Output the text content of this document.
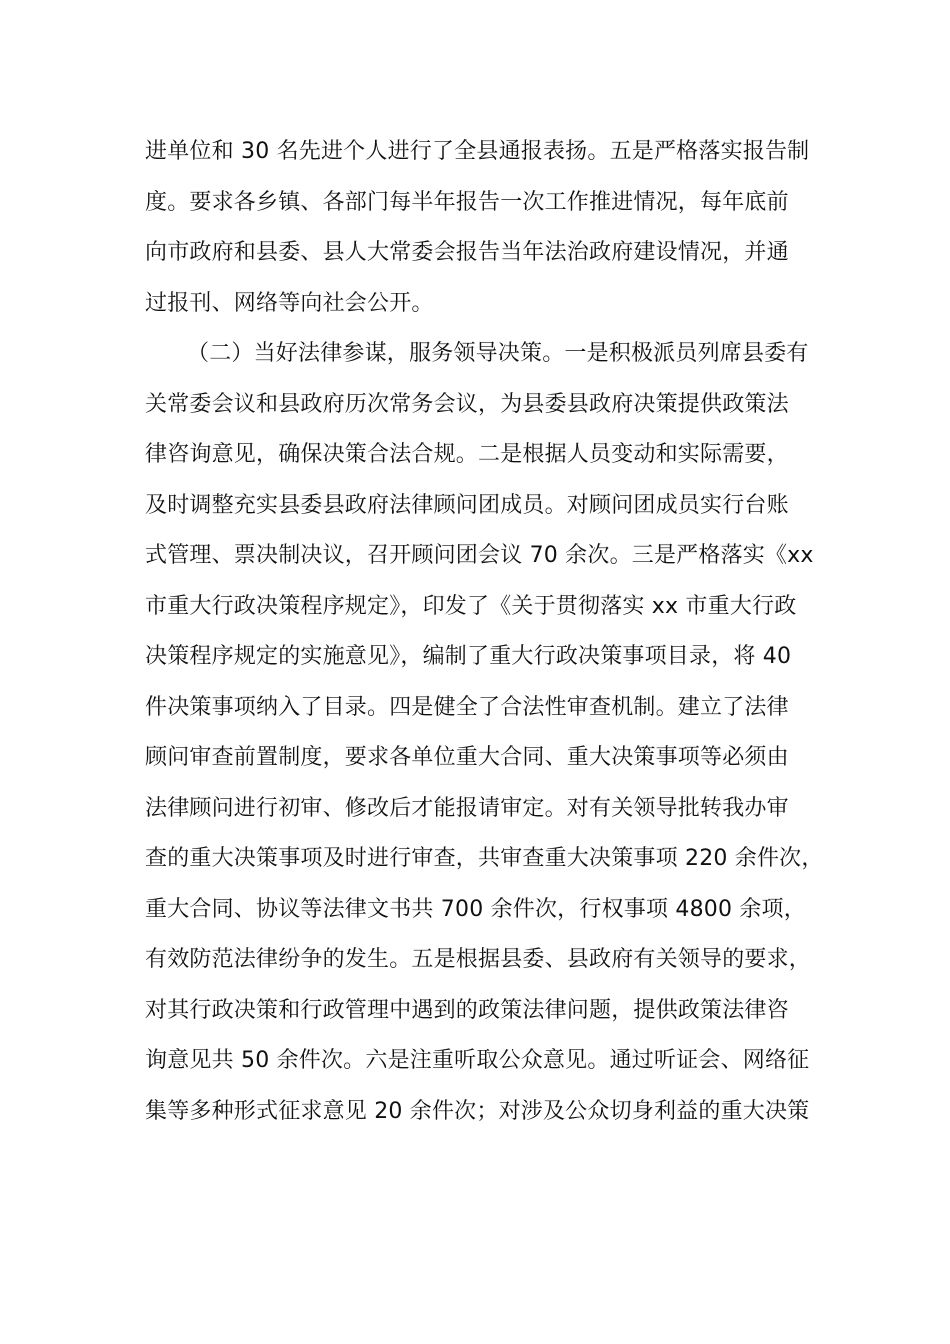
进单位和 30 名先进个人进行了全县通报表扬。五是严格落实报告制
度。要求各乡镇、各部门每半年报告一次工作推进情况，每年底前
向市政府和县委、县人大常委会报告当年法治政府建设情况，并通
过报刊、网络等向社会公开。
（二）当好法律参谋，服务领导决策。一是积极派员列席县委有
关常委会议和县政府历次常务会议，为县委县政府决策提供政策法
律咨询意见，确保决策合法合规。二是根据人员变动和实际需要，
及时调整充实县委县政府法律顾问团成员。对顾问团成员实行台账
式管理、票决制决议，召开顾问团会议 70 余次。三是严格落实《xx
市重大行政决策程序规定》，印发了《关于贯彻落实 xx 市重大行政
决策程序规定的实施意见》，编制了重大行政决策事项目录，将 40
件决策事项纳入了目录。四是健全了合法性审查机制。建立了法律
顾问审查前置制度，要求各单位重大合同、重大决策事项等必须由
法律顾问进行初审、修改后才能报请审定。对有关领导批转我办审
查的重大决策事项及时进行审查，共审查重大决策事项 220 余件次，
重大合同、协议等法律文书共 700 余件次，行权事项 4800 余项，
有效防范法律纷争的发生。五是根据县委、县政府有关领导的要求，
对其行政决策和行政管理中遇到的政策法律问题，提供政策法律咨
询意见共 50 余件次。六是注重听取公众意见。通过听证会、网络征
集等多种形式征求意见 20 余件次；对涉及公众切身利益的重大决策
